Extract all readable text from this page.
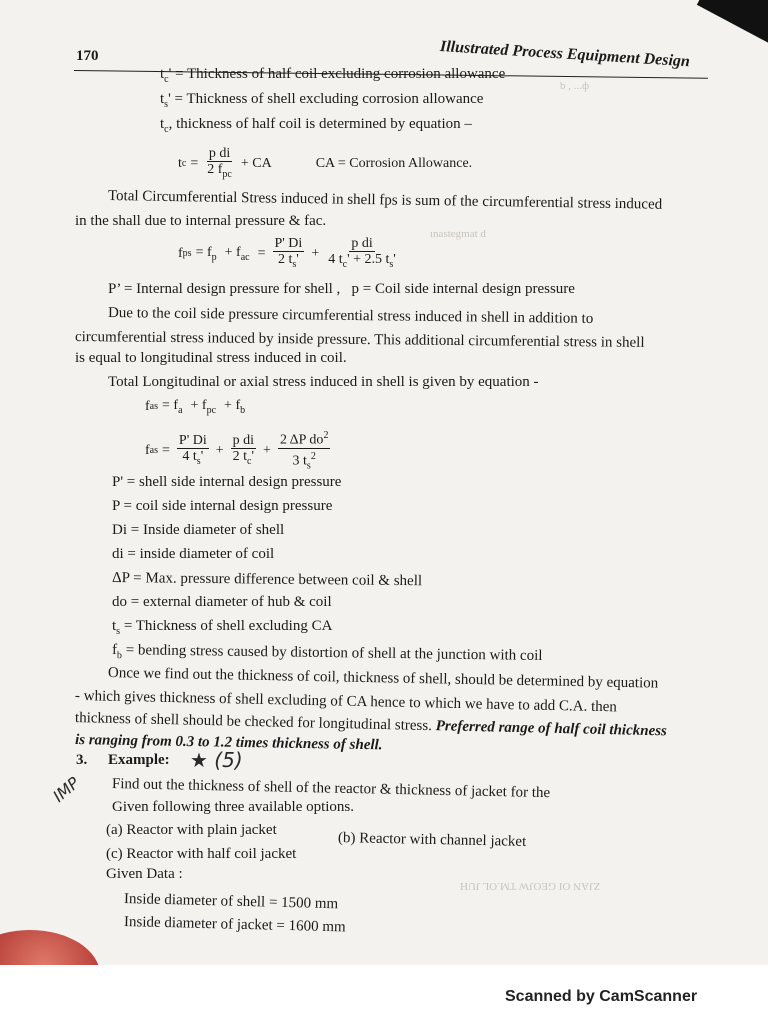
b , ...ф
ınastegmat d
ZJAN OI GEOJW TM.OL JUH
170	Illustrated Process Equipment Design
$t_c'$ = Thickness of half coil excluding corrosion allowance
$t_s'$ = Thickness of shell excluding corrosion allowance
$t_c$, thickness of half coil is determined by equation –
t $c = \frac{\text{p di}}{2 f_{pc}}$ + CA	CA = Corrosion Allowance.
Total Circumferential Stress induced in shell fps is sum of the circumferential stress induced
in the shall due to internal pressure & fac.
f ps = $f_p + f_{ac} = \frac{P' Di}{2 t_s'} + \frac{\text{p di}}{4 t_c' + 2.5 t_s'}$
P’ = Internal design pressure for shell , p = Coil side internal design pressure
Due to the coil side pressure circumferential stress induced in shell in addition to
circumferential stress induced by inside pressure. This additional circumferential stress in shell
is equal to longitudinal stress induced in coil.
Total Longitudinal or axial stress induced in shell is given by equation -
f as = $f_a + f_{pc} + f_b$
f as = $\frac{P' Di}{4 t_s'} + \frac{\text{p di}}{2 t_c'} + \frac{2 \Delta P do^2}{3 t_s^2}$
P' = shell side internal design pressure
P = coil side internal design pressure
Di = Inside diameter of shell
di = inside diameter of coil
ΔP = Max. pressure difference between coil & shell
do = external diameter of hub & coil
$t_s$ = Thickness of shell excluding CA
$f_b$ = bending stress caused by distortion of shell at the junction with coil
Once we find out the thickness of coil, thickness of shell, should be determined by equation
- which gives thickness of shell excluding of CA hence to which we have to add C.A. then
thickness of shell should be checked for longitudinal stress. Preferred range of half coil thickness
is ranging from 0.3 to 1.2 times thickness of shell.
3. Example: ★ (5)
IMP Find out the thickness of shell of the reactor & thickness of jacket for the
Given following three available options.
(a) Reactor with plain jacket
(b) Reactor with channel jacket
(c) Reactor with half coil jacket
Given Data :
Inside diameter of shell = 1500 mm
Inside diameter of jacket = 1600 mm
Scanned by CamScanner
